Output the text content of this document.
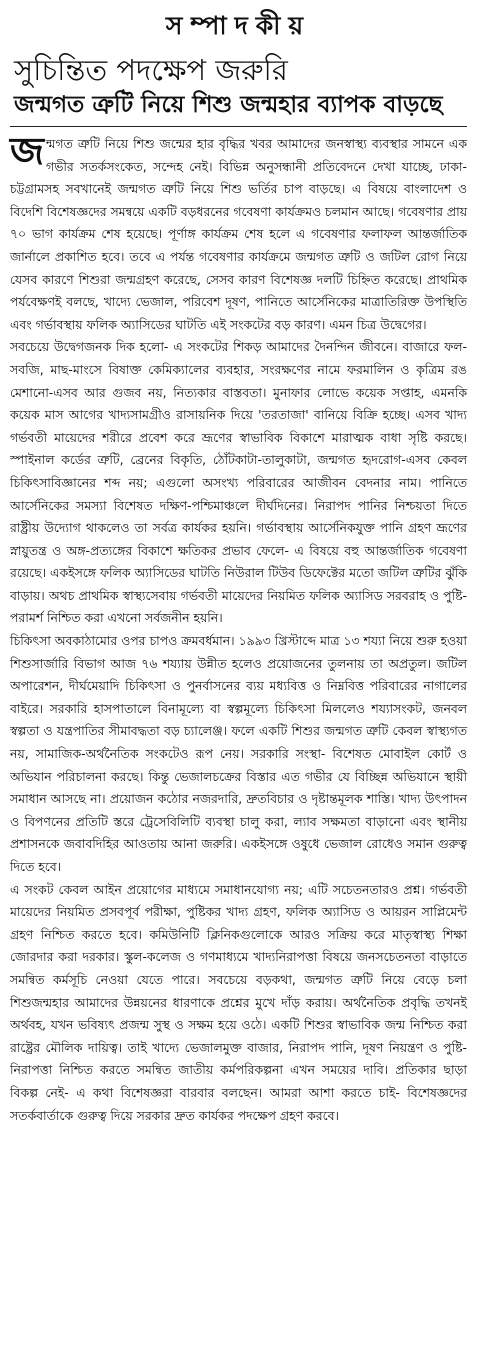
সম্পাদকীয়
সুচিন্তিত পদক্ষেপ জরুরি
জন্মগত ত্রুটি নিয়ে শিশু জন্মহার ব্যাপক বাড়ছে

জন্মগত ত্রুটি নিয়ে শিশু জন্মের হার বৃদ্ধির খবর আমাদের জনস্বাস্থ্য ব্যবস্থার সামনে এক গভীর সতর্কসংকেত, সন্দেহ নেই। বিভিন্ন অনুসন্ধানী প্রতিবেদনে দেখা যাচ্ছে, ঢাকা-চট্টগ্রামসহ সবখানেই জন্মগত ত্রুটি নিয়ে শিশু ভর্তির চাপ বাড়ছে। এ বিষয়ে বাংলাদেশ ও বিদেশি বিশেষজ্ঞদের সমন্বয়ে একটি বড়ধরনের গবেষণা কার্যক্রমও চলমান আছে। গবেষণার প্রায় ৭০ ভাগ কার্যক্রম শেষ হয়েছে। পূর্ণাঙ্গ কার্যক্রম শেষ হলে এ গবেষণার ফলাফল আন্তর্জাতিক জার্নালে প্রকাশিত হবে। তবে এ পর্যন্ত গবেষণার কার্যক্রমে জন্মগত ত্রুটি ও জটিল রোগ নিয়ে যেসব কারণে শিশুরা জন্মগ্রহণ করেছে, সেসব কারণ বিশেষজ্ঞ দলটি চিহ্নিত করেছে। প্রাথমিক পর্যবেক্ষণই বলছে, খাদ্যে ভেজাল, পরিবেশ দূষণ, পানিতে আর্সেনিকের মাত্রাতিরিক্ত উপস্থিতি এবং গর্ভাবস্থায় ফলিক অ্যাসিডের ঘাটতি এই সংকটের বড় কারণ। এমন চিত্র উদ্বেগের।

সবচেয়ে উদ্বেগজনক দিক হলো- এ সংকটের শিকড় আমাদের দৈনন্দিন জীবনে। বাজারে ফল-সবজি, মাছ-মাংসে বিষাক্ত কেমিক্যালের ব্যবহার, সংরক্ষণের নামে ফরমালিন ও কৃত্রিম রঙ মেশানো-এসব আর গুজব নয়, নিত্যকার বাস্তবতা। মুনাফার লোভে কয়েক সপ্তাহ, এমনকি কয়েক মাস আগের খাদ্যসামগ্রীও রাসায়নিক দিয়ে 'তরতাজা' বানিয়ে বিক্রি হচ্ছে। এসব খাদ্য গর্ভবতী মায়েদের শরীরে প্রবেশ করে ভ্রূণের স্বাভাবিক বিকাশে মারাত্মক বাধা সৃষ্টি করছে। স্পাইনাল কর্ডের ত্রুটি, ব্রেনের বিকৃতি, ঠোঁটকাটা-তালুকাটা, জন্মগত হৃদরোগ-এসব কেবল চিকিৎসাবিজ্ঞানের শব্দ নয়; এগুলো অসংখ্য পরিবারের আজীবন বেদনার নাম। পানিতে আর্সেনিকের সমস্যা বিশেষত দক্ষিণ-পশ্চিমাঞ্চলে দীর্ঘদিনের। নিরাপদ পানির নিশ্চয়তা দিতে রাষ্ট্রীয় উদ্যোগ থাকলেও তা সর্বত্র কার্যকর হয়নি। গর্ভাবস্থায় আর্সেনিকযুক্ত পানি গ্রহণ ভ্রূণের স্নায়ুতন্ত্র ও অঙ্গ-প্রত্যঙ্গের বিকাশে ক্ষতিকর প্রভাব ফেলে- এ বিষয়ে বহু আন্তর্জাতিক গবেষণা রয়েছে। একইসঙ্গে ফলিক অ্যাসিডের ঘাটতি নিউরাল টিউব ডিফেক্টের মতো জটিল ত্রুটির ঝুঁকি বাড়ায়। অথচ প্রাথমিক স্বাস্থ্যসেবায় গর্ভবতী মায়েদের নিয়মিত ফলিক অ্যাসিড সরবরাহ ও পুষ্টি-পরামর্শ নিশ্চিত করা এখনো সর্বজনীন হয়নি।

চিকিৎসা অবকাঠামোর ওপর চাপও ক্রমবর্ধমান। ১৯৯৩ খ্রিস্টাব্দে মাত্র ১৩ শয্যা নিয়ে শুরু হওয়া শিশুসার্জারি বিভাগ আজ ৭৬ শয্যায় উন্নীত হলেও প্রয়োজনের তুলনায় তা অপ্রতুল। জটিল অপারেশন, দীর্ঘমেয়াদি চিকিৎসা ও পুনর্বাসনের ব্যয় মধ্যবিত্ত ও নিম্নবিত্ত পরিবারের নাগালের বাইরে। সরকারি হাসপাতালে বিনামূল্যে বা স্বল্পমূল্যে চিকিৎসা মিললেও শয্যাসংকট, জনবল স্বল্পতা ও যন্ত্রপাতির সীমাবদ্ধতা বড় চ্যালেঞ্জ। ফলে একটি শিশুর জন্মগত ত্রুটি কেবল স্বাস্থ্যগত নয়, সামাজিক-অর্থনৈতিক সংকটেও রূপ নেয়। সরকারি সংস্থা- বিশেষত মোবাইল কোর্ট ও অভিযান পরিচালনা করছে। কিন্তু ভেজালচক্রের বিস্তার এত গভীর যে বিচ্ছিন্ন অভিযানে স্থায়ী সমাধান আসছে না। প্রয়োজন কঠোর নজরদারি, দ্রুতবিচার ও দৃষ্টান্তমূলক শাস্তি। খাদ্য উৎপাদন ও বিপণনের প্রতিটি স্তরে ট্রেসেবিলিটি ব্যবস্থা চালু করা, ল্যাব সক্ষমতা বাড়ানো এবং স্থানীয় প্রশাসনকে জবাবদিহির আওতায় আনা জরুরি। একইসঙ্গে ওষুধে ভেজাল রোধেও সমান গুরুত্ব দিতে হবে।

এ সংকট কেবল আইন প্রয়োগের মাধ্যমে সমাধানযোগ্য নয়; এটি সচেতনতারও প্রশ্ন। গর্ভবতী মায়েদের নিয়মিত প্রসবপূর্ব পরীক্ষা, পুষ্টিকর খাদ্য গ্রহণ, ফলিক অ্যাসিড ও আয়রন সাপ্লিমেন্ট গ্রহণ নিশ্চিত করতে হবে। কমিউনিটি ক্লিনিকগুলোকে আরও সক্রিয় করে মাতৃস্বাস্থ্য শিক্ষা জোরদার করা দরকার। স্কুল-কলেজ ও গণমাধ্যমে খাদ্যনিরাপত্তা বিষয়ে জনসচেতনতা বাড়াতে সমন্বিত কর্মসূচি নেওয়া যেতে পারে। সবচেয়ে বড়কথা, জন্মগত ত্রুটি নিয়ে বেড়ে চলা শিশুজন্মহার আমাদের উন্নয়নের ধারণাকে প্রশ্নের মুখে দাঁড় করায়। অর্থনৈতিক প্রবৃদ্ধি তখনই অর্থবহ, যখন ভবিষ্যৎ প্রজন্ম সুস্থ ও সক্ষম হয়ে ওঠে। একটি শিশুর স্বাভাবিক জন্ম নিশ্চিত করা রাষ্ট্রের মৌলিক দায়িত্ব। তাই খাদ্যে ভেজালমুক্ত বাজার, নিরাপদ পানি, দূষণ নিয়ন্ত্রণ ও পুষ্টি-নিরাপত্তা নিশ্চিত করতে সমন্বিত জাতীয় কর্মপরিকল্পনা এখন সময়ের দাবি। প্রতিকার ছাড়া বিকল্প নেই- এ কথা বিশেষজ্ঞরা বারবার বলছেন। আমরা আশা করতে চাই- বিশেষজ্ঞদের সতর্কবার্তাকে গুরুত্ব দিয়ে সরকার দ্রুত কার্যকর পদক্ষেপ গ্রহণ করবে।
